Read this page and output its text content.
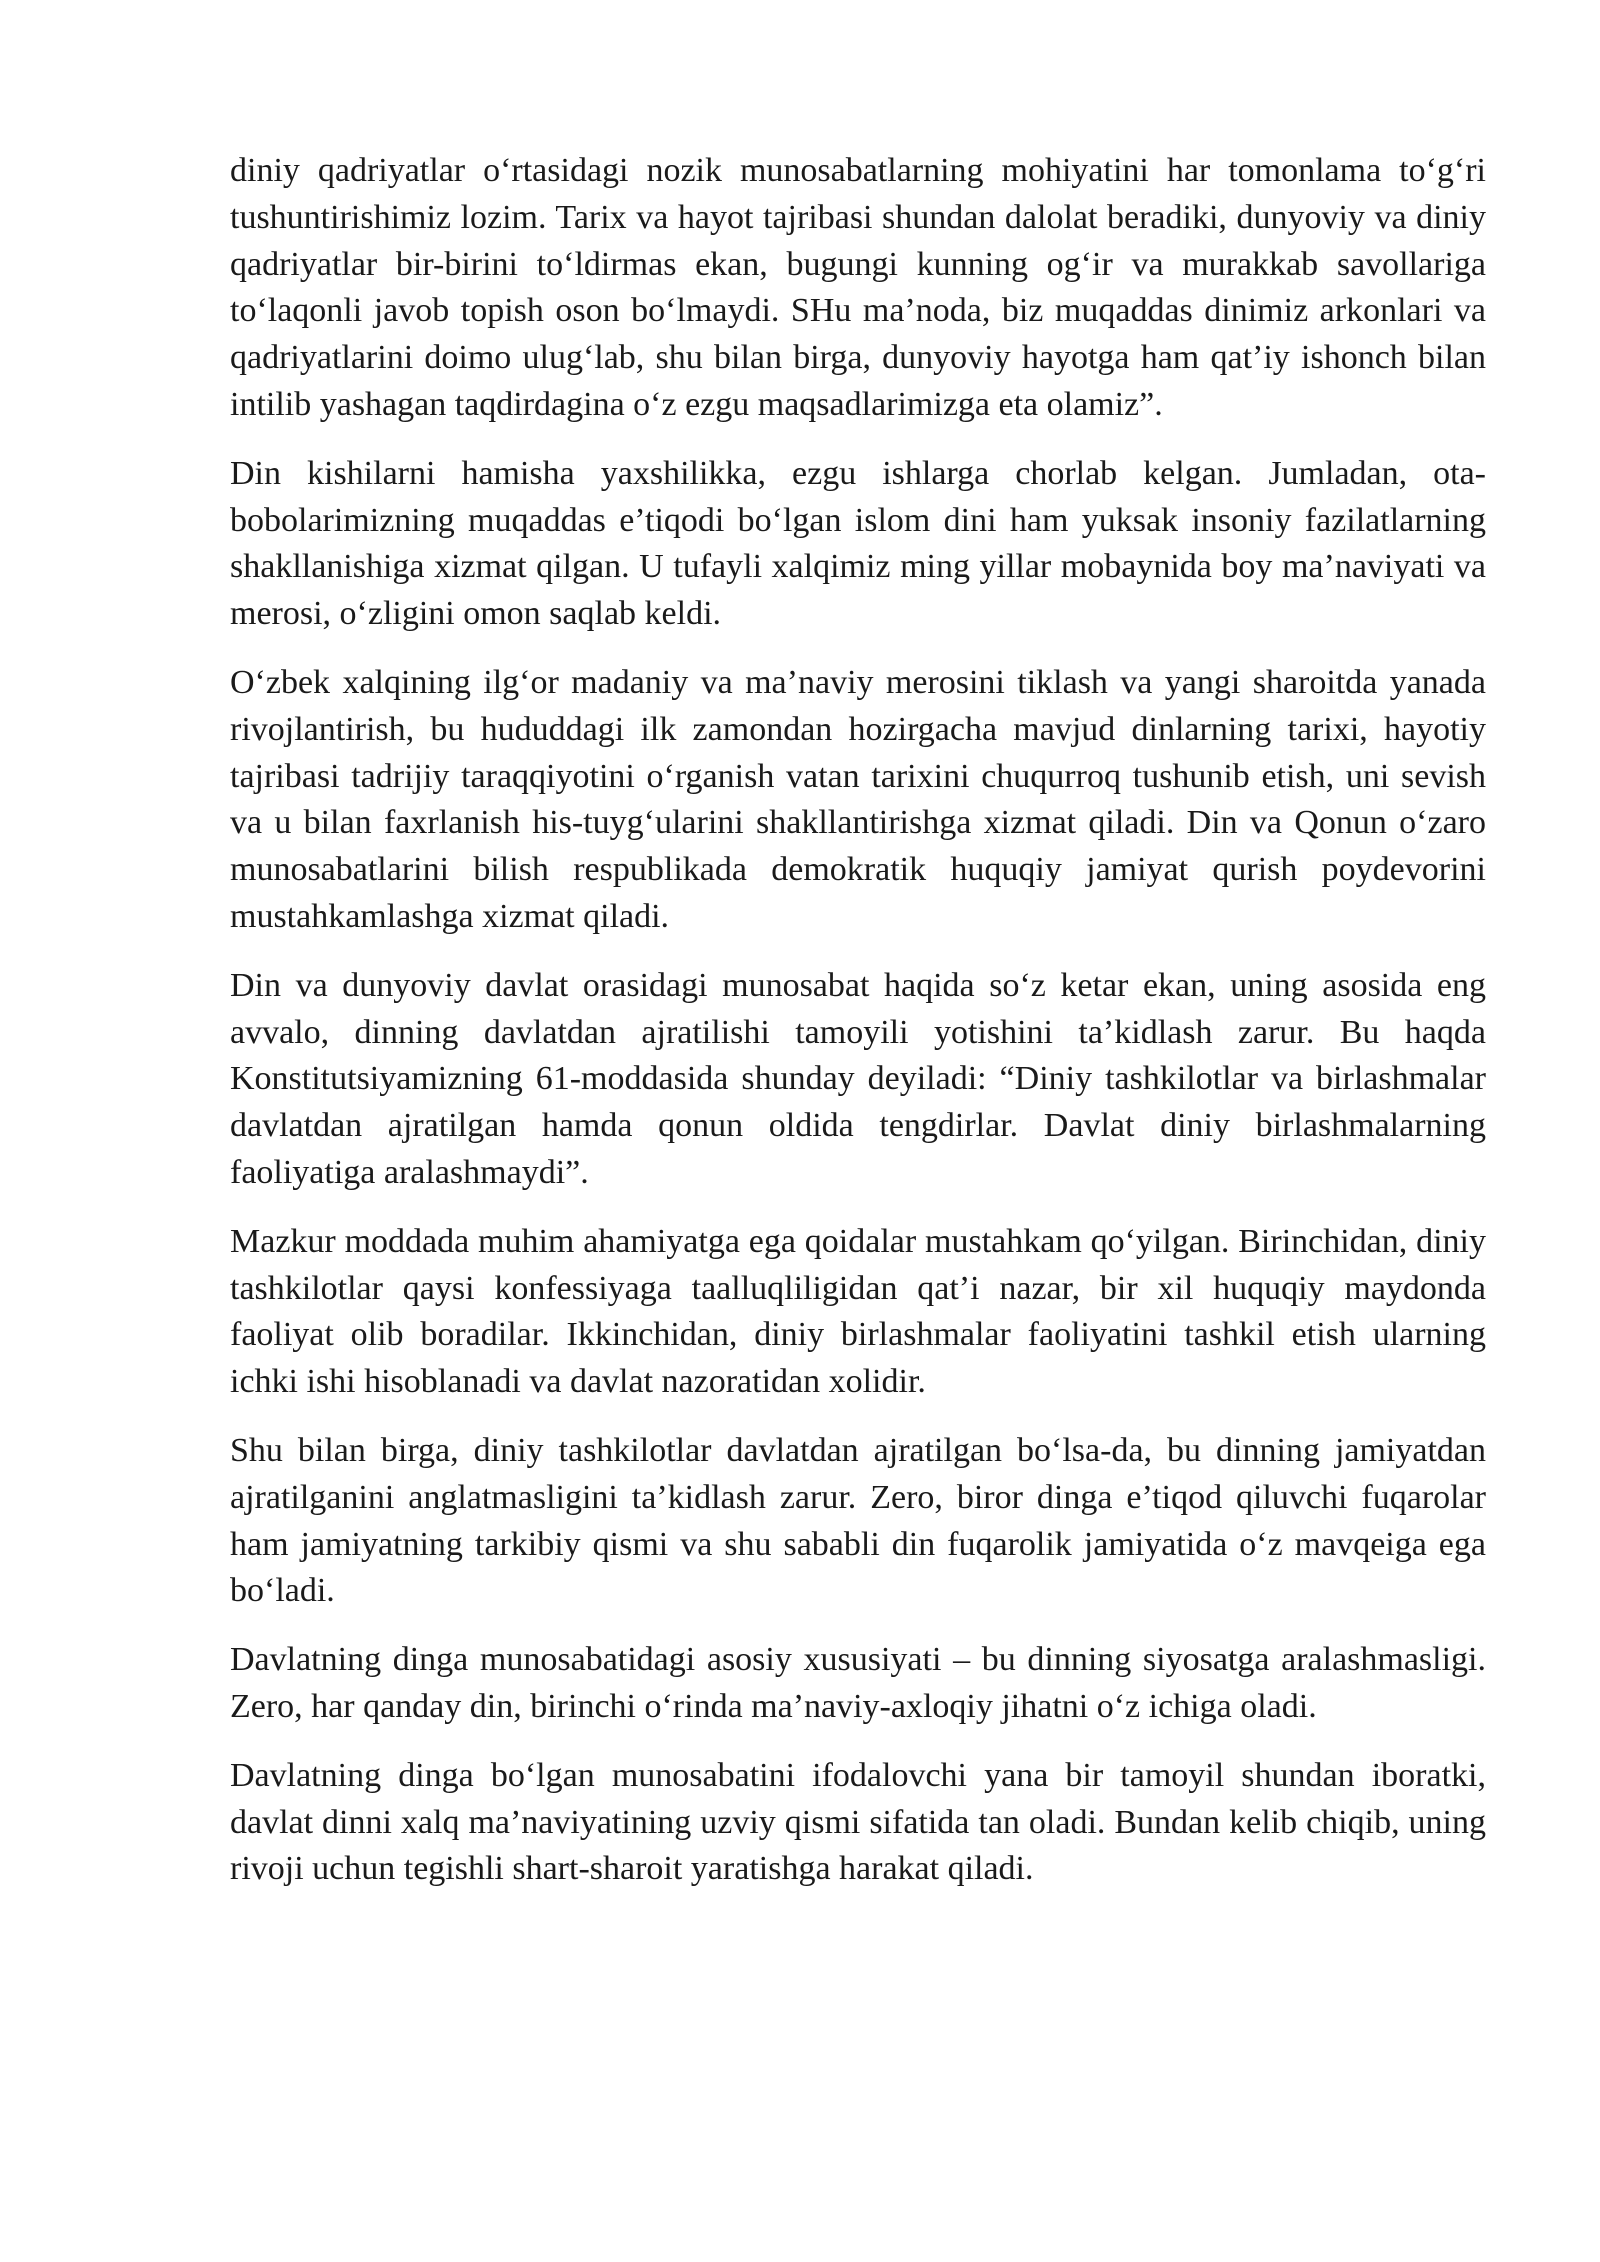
diniy qadriyatlar o‘rtasidagi nozik munosabatlarning mohiyatini har tomonlama to‘g‘ri tushuntirishimiz lozim. Tarix va hayot tajribasi shundan dalolat beradiki, dunyoviy va diniy qadriyatlar bir-birini to‘ldirmas ekan, bugungi kunning og‘ir va murakkab savollariga to‘laqonli javob topish oson bo‘lmaydi. SHu ma’noda, biz muqaddas dinimiz arkonlari va qadriyatlarini doimo ulug‘lab, shu bilan birga, dunyoviy hayotga ham qat’iy ishonch bilan intilib yashagan taqdirdagina o‘z ezgu maqsadlarimizga eta olamiz”.

Din kishilarni hamisha yaxshilikka, ezgu ishlarga chorlab kelgan. Jumladan, ota-bobolarimizning muqaddas e’tiqodi bo‘lgan islom dini ham yuksak insoniy fazilatlarning shakllanishiga xizmat qilgan. U tufayli xalqimiz ming yillar mobaynida boy ma’naviyati va merosi, o‘zligini omon saqlab keldi.

O‘zbek xalqining ilg‘or madaniy va ma’naviy merosini tiklash va yangi sharoitda yanada rivojlantirish, bu hududdagi ilk zamondan hozirgacha mavjud dinlarning tarixi, hayotiy tajribasi tadrijiy taraqqiyotini o‘rganish vatan tarixini chuqurroq tushunib etish, uni sevish va u bilan faxrlanish his-tuyg‘ularini shakllantirishga xizmat qiladi. Din va Qonun o‘zaro munosabatlarini bilish respublikada demokratik huquqiy jamiyat qurish poydevorini mustahkamlashga xizmat qiladi.

Din va dunyoviy davlat orasidagi munosabat haqida so‘z ketar ekan, uning asosida eng avvalo, dinning davlatdan ajratilishi tamoyili yotishini ta’kidlash zarur. Bu haqda Konstitutsiyamizning 61-moddasida shunday deyiladi: “Diniy tashkilotlar va birlashmalar davlatdan ajratilgan hamda qonun oldida tengdirlar. Davlat diniy birlashmalarning faoliyatiga aralashmaydi”.

Mazkur moddada muhim ahamiyatga ega qoidalar mustahkam qo‘yilgan. Birinchidan, diniy tashkilotlar qaysi konfessiyaga taalluqliligidan qat’i nazar, bir xil huquqiy maydonda faoliyat olib boradilar. Ikkinchidan, diniy birlashmalar faoliyatini tashkil etish ularning ichki ishi hisoblanadi va davlat nazoratidan xolidir.

Shu bilan birga, diniy tashkilotlar davlatdan ajratilgan bo‘lsa-da, bu dinning jamiyatdan ajratilganini anglatmasligini ta’kidlash zarur. Zero, biror dinga e’tiqod qiluvchi fuqarolar ham jamiyatning tarkibiy qismi va shu sababli din fuqarolik jamiyatida o‘z mavqeiga ega bo‘ladi.

Davlatning dinga munosabatidagi asosiy xususiyati – bu dinning siyosatga aralashmasligi. Zero, har qanday din, birinchi o‘rinda ma’naviy-axloqiy jihatni o‘z ichiga oladi.

Davlatning dinga bo‘lgan munosabatini ifodalovchi yana bir tamoyil shundan iboratki, davlat dinni xalq ma’naviyatining uzviy qismi sifatida tan oladi. Bundan kelib chiqib, uning rivoji uchun tegishli shart-sharoit yaratishga harakat qiladi.
